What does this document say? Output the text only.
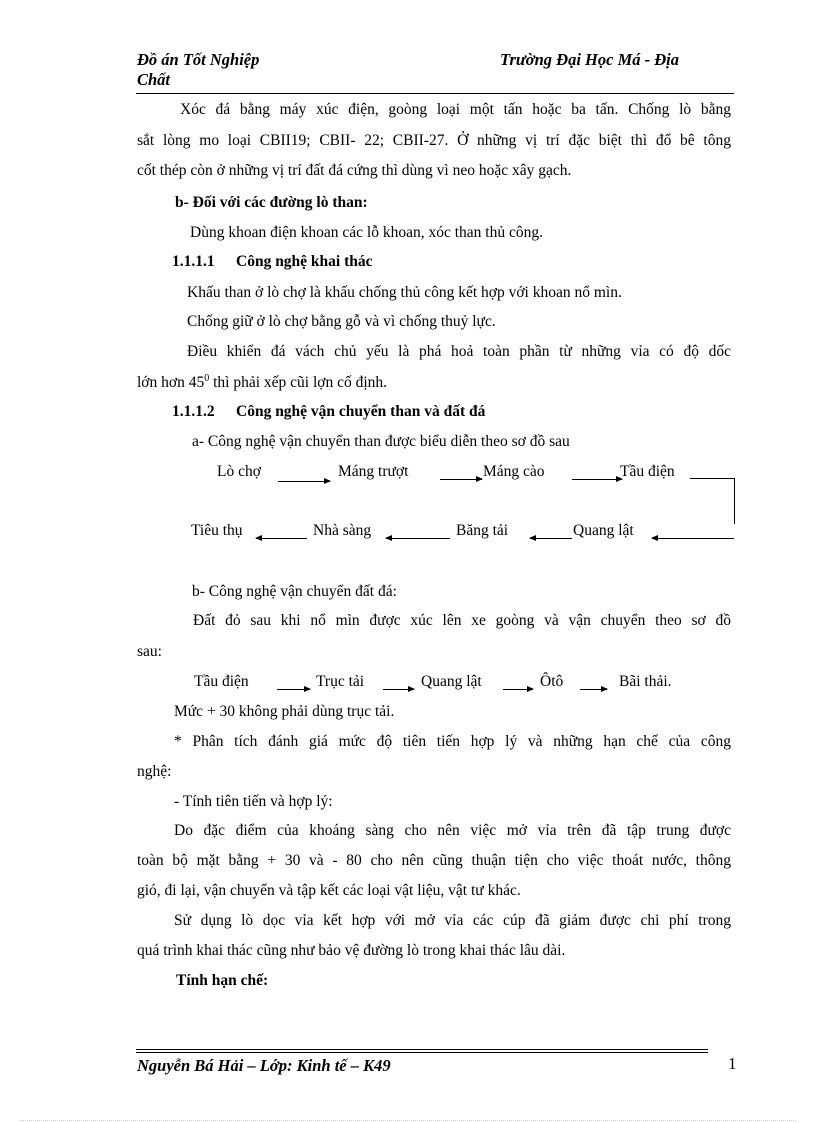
Đồ án Tốt Nghiệp
Chất
Trường Đại Học Má - Địa
Xóc đá bằng máy xúc điện, goòng loại một tấn hoặc ba tấn. Chống lò bằng
sắt lòng mo loại CBII19; CBII- 22; CBII-27. Ở những vị trí đặc biệt thì đổ bê tông
cốt thép còn ở những vị trí đất đá cứng thì dùng vì neo hoặc xây gạch.
b- Đối với các đường lò than:
Dùng khoan điện khoan các lỗ khoan, xóc than thủ công.
1.1.1.1 Công nghệ khai thác
Khấu than ở lò chợ là khấu chống thủ công kết hợp với khoan nổ mìn.
Chống giữ ở lò chợ bằng gỗ và vì chống thuỷ lực.
Điều khiển đá vách chủ yếu là phá hoả toàn phần từ những vỉa có độ dốc
lớn hơn $45^0$ thì phải xếp cũi lợn cố định.
1.1.1.2 Công nghệ vận chuyển than và đất đá
a- Công nghệ vận chuyển than được biểu diễn theo sơ đồ sau
Lò chợ	Máng trượt	Máng cào	Tầu điện
Tiêu thụ	Nhà sàng	Băng tải	Quang lật
b- Công nghệ vận chuyển đất đá:
Đất đỏ sau khi nổ mìn được xúc lên xe goòng và vận chuyển theo sơ đồ
sau:
Tầu điện	Trục tải	Quang lật	Ôtô	Bãi thải.
Mức + 30 không phải dùng trục tải.
* Phân tích đánh giá mức độ tiên tiến hợp lý và những hạn chế của công
nghệ:
- Tính tiên tiến và hợp lý:
Do đặc điểm của khoáng sàng cho nên việc mở vỉa trên đã tập trung được
toàn bộ mặt bằng + 30 và - 80 cho nên cũng thuận tiện cho việc thoát nước, thông
gió, đi lại, vận chuyển và tập kết các loại vật liệu, vật tư khác.
Sử dụng lò dọc vỉa kết hợp với mở vỉa các cúp đã giảm được chi phí trong
quá trình khai thác cũng như bảo vệ đường lò trong khai thác lâu dài.
Tính hạn chế:
Nguyễn Bá Hải – Lớp: Kinh tế – K49	1
